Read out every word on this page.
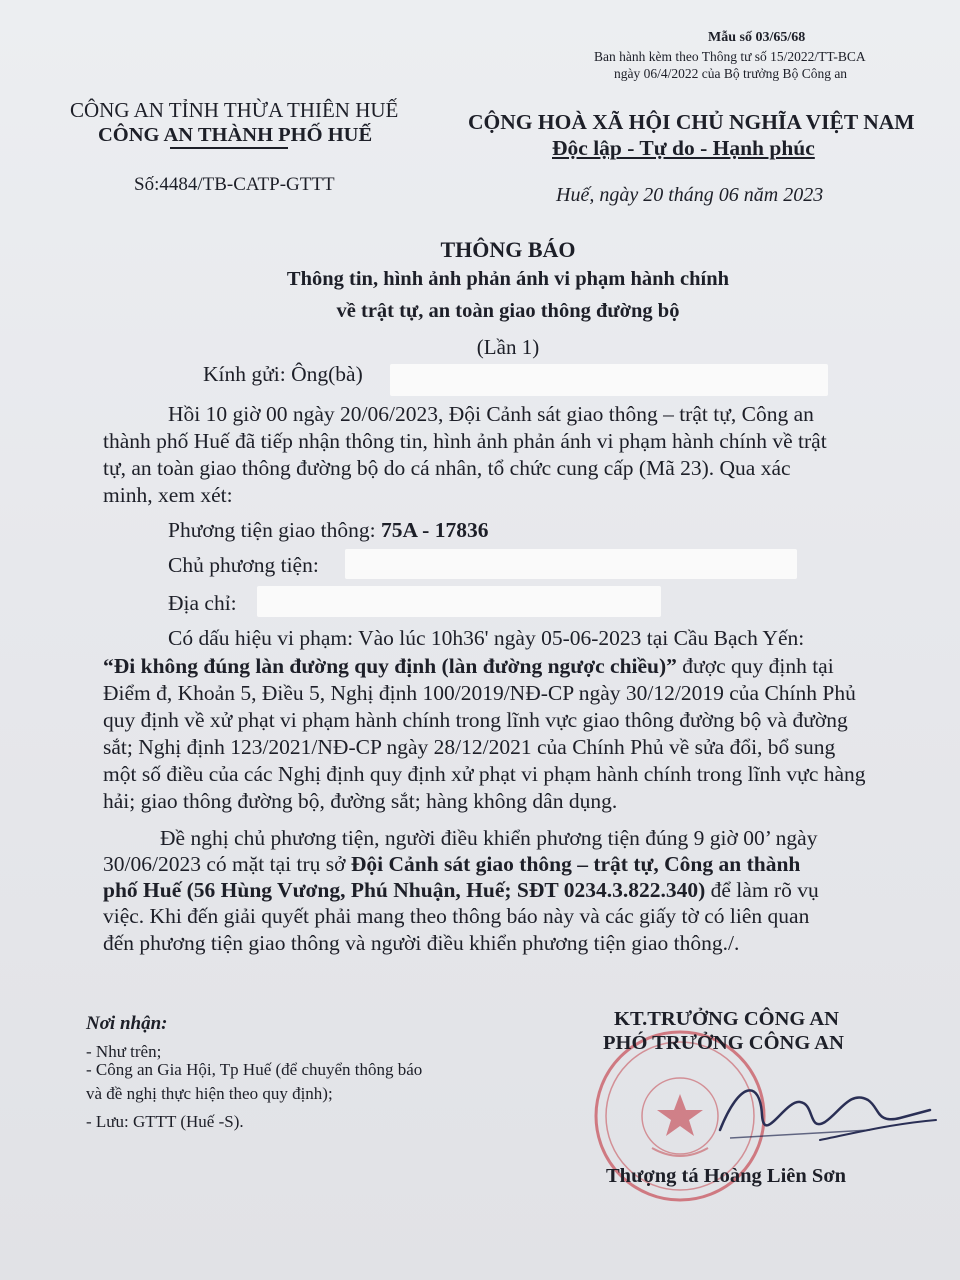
Mẫu số 03/65/68
Ban hành kèm theo Thông tư số 15/2022/TT-BCA
ngày 06/4/2022 của Bộ trưởng Bộ Công an
CÔNG AN TỈNH THỪA THIÊN HUẾ
CÔNG AN THÀNH PHỐ HUẾ
Số:4484/TB-CATP-GTTT
CỘNG HOÀ XÃ HỘI CHỦ NGHĨA VIỆT NAM
Độc lập - Tự do - Hạnh phúc
Huế, ngày 20 tháng 06 năm 2023
THÔNG BÁO
Thông tin, hình ảnh phản ánh vi phạm hành chính
về trật tự, an toàn giao thông đường bộ
(Lần 1)
Kính gửi: Ông(bà)
Hồi 10 giờ 00 ngày 20/06/2023, Đội Cảnh sát giao thông – trật tự, Công an
thành phố Huế đã tiếp nhận thông tin, hình ảnh phản ánh vi phạm hành chính về trật
tự, an toàn giao thông đường bộ do cá nhân, tổ chức cung cấp (Mã 23). Qua xác
minh, xem xét:
Phương tiện giao thông: 75A - 17836
Chủ phương tiện:
Địa chỉ:
Có dấu hiệu vi phạm: Vào lúc 10h36' ngày 05-06-2023 tại Cầu Bạch Yến:
“Đi không đúng làn đường quy định (làn đường ngược chiều)” được quy định tại
Điểm đ, Khoản 5, Điều 5, Nghị định 100/2019/NĐ-CP ngày 30/12/2019 của Chính Phủ
quy định về xử phạt vi phạm hành chính trong lĩnh vực giao thông đường bộ và đường
sắt; Nghị định 123/2021/NĐ-CP ngày 28/12/2021 của Chính Phủ về sửa đổi, bổ sung
một số điều của các Nghị định quy định xử phạt vi phạm hành chính trong lĩnh vực hàng
hải; giao thông đường bộ, đường sắt; hàng không dân dụng.
Đề nghị chủ phương tiện, người điều khiển phương tiện đúng 9 giờ 00’ ngày
30/06/2023 có mặt tại trụ sở Đội Cảnh sát giao thông – trật tự, Công an thành
phố Huế (56 Hùng Vương, Phú Nhuận, Huế; SĐT 0234.3.822.340) để làm rõ vụ
việc. Khi đến giải quyết phải mang theo thông báo này và các giấy tờ có liên quan
đến phương tiện giao thông và người điều khiển phương tiện giao thông./.
Nơi nhận:
- Như trên;
- Công an Gia Hội, Tp Huế (để chuyển thông báo
và đề nghị thực hiện theo quy định);
- Lưu: GTTT (Huế -S).
KT.TRƯỞNG CÔNG AN
PHÓ TRƯỞNG CÔNG AN
Thượng tá Hoàng Liên Sơn
